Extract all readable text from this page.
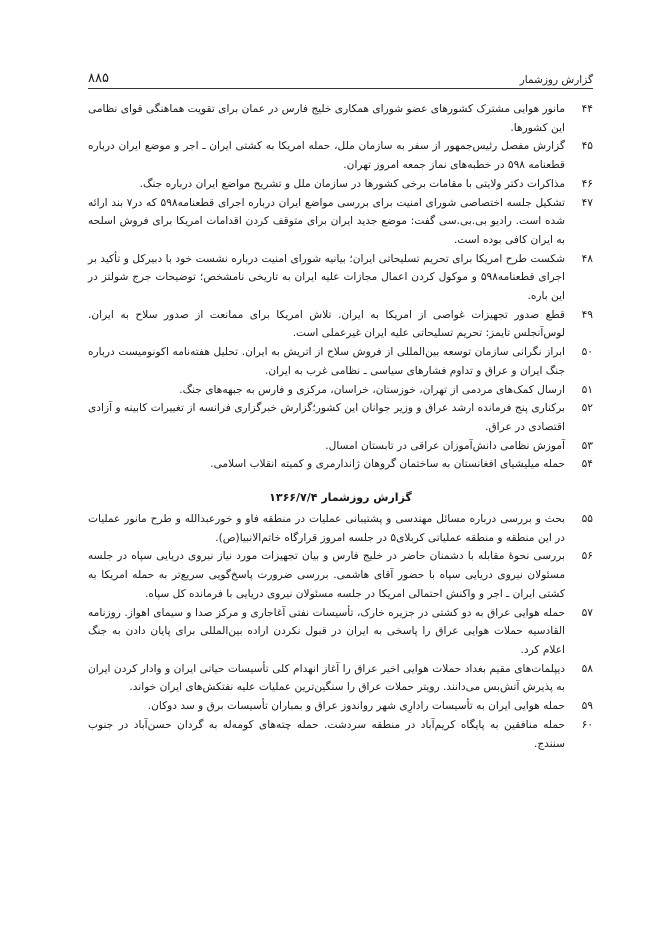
گزارش روزشمار
۸۸۵
۴۴
مانور هوایی مشترک کشورهای عضو شورای همکاری خلیج فارس در عمان برای تقویت هماهنگی قوای نظامی این کشورها.
۴۵
گزارش مفصل رئیس‌جمهور از سفر به سازمان ملل، حمله امریکا به کشتی ایران ـ اجر و موضع ایران درباره قطعنامه ۵۹۸ در خطبه‌های نماز جمعه امروز تهران.
۴۶
مذاکرات دکتر ولایتی با مقامات برخی کشورها در سازمان ملل و تشریح مواضع ایران درباره جنگ.
۴۷
تشکیل جلسه اختصاصی شورای امنیت برای بررسی مواضع ایران درباره اجرای قطعنامه۵۹۸ که در۷ بند ارائه شده است. رادیو بی.بی.سی گفت: موضع جدید ایران برای متوقف کردن اقدامات امریکا برای فروش اسلحه به ایران کافی بوده است.
۴۸
شکست طرح امریکا برای تحریم تسلیحاتی ایران؛ بیانیه شورای امنیت درباره نشست خود با دبیرکل و تأکید بر اجرای قطعنامه۵۹۸ و موکول کردن اعمال مجازات علیه ایران به تاریخی نامشخص؛ توضیحات جرج شولتز در این باره.
۴۹
قطع صدور تجهیزات غواصی از امریکا به ایران. تلاش امریکا برای ممانعت از صدور سلاح به ایران. لوس‌آنجلس تایمز: تحریم تسلیحاتی علیه ایران غیرعملی است.
۵۰
ابراز نگرانی سازمان توسعه بین‌المللی از فروش سلاح از اتریش به ایران. تحلیل هفته‌نامه اکونومیست درباره جنگ ایران و عراق و تداوم فشارهای سیاسی ـ نظامی غرب به ایران.
۵۱
ارسال کمک‌های مردمی از تهران، خوزستان، خراسان، مرکزی و فارس به جبهه‌های جنگ.
۵۲
برکناری پنج فرمانده ارشد عراق و وزیر جوانان این کشور؛گزارش خبرگزاری فرانسه از تغییرات کابینه و آزادی اقتصادی در عراق.
۵۳
آموزش نظامی دانش‌آموزان عراقی در تابستان امسال.
۵۴
حمله میلیشیای افغانستان به ساختمان گروهان ژاندارمری و کمیته انقلاب اسلامی.
گزارش روزشمار ۱۳۶۶/۷/۴
۵۵
بحث و بررسی درباره مسائل مهندسی و پشتیبانی عملیات در منطقه فاو و خورعبدالله و طرح مانور عملیات در این منطقه و منطقه عملیاتی کربلای۵ در جلسه امروز قرارگاه خاتم‌الانبیا(ص).
۵۶
بررسی نحوهٔ مقابله با دشمنان حاضر در خلیج فارس و بیان تجهیزات مورد نیاز نیروی دریایی سپاه در جلسه مسئولان نیروی دریایی سپاه با حضور آقای هاشمی. بررسی ضرورت پاسخ‌گویی سریع‌تر به حمله امریکا به کشتی ایران ـ اجر و واکنش احتمالی امریکا در جلسه مسئولان نیروی دریایی با فرمانده کل سپاه.
۵۷
حمله هوایی عراق به دو کشتی در جزیره خارک، تأسیسات نفتی آغاجاری و مرکز صدا و سیمای اهواز. روزنامه القادسیه حملات هوایی عراق را پاسخی به ایران در قبول نکردن اراده بین‌المللی برای پایان دادن به جنگ اعلام کرد.
۵۸
دیپلمات‌های مقیم بغداد حملات هوایی اخیر عراق را آغاز انهدام کلی تأسیسات حیاتی ایران و وادار کردن ایران به پذیرش آتش‌بس می‌دانند. رویتر حملات عراق را سنگین‌ترین عملیات علیه نفتکش‌های ایران خواند.
۵۹
حمله هوایی ایران به تأسیسات رادارِی شهر رواندوز عراق و بمباران تأسیسات برق و سد دوکان.
۶۰
حمله منافقین به پایگاه کریم‌آباد در منطقه سردشت. حمله چته‌های کومه‌له به گردان حسن‌آباد در جنوب سنندج.
